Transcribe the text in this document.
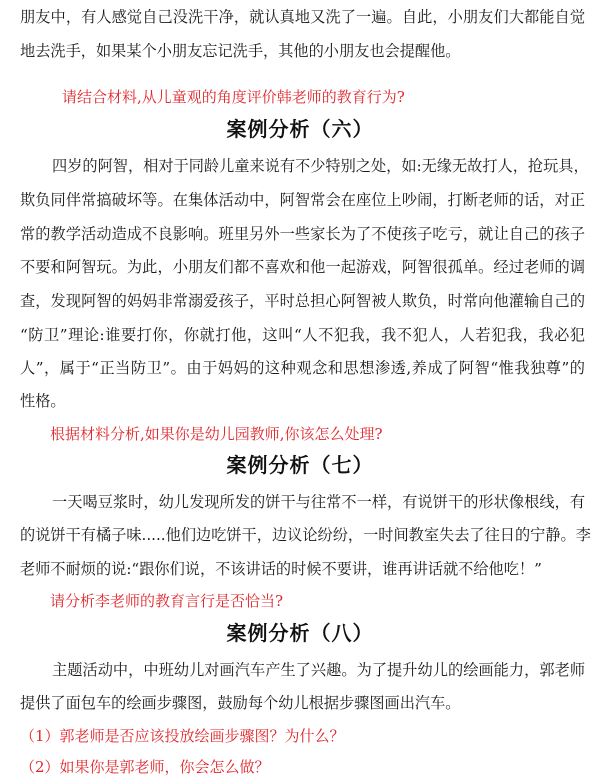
朋友中，有人感觉自己没洗干净，就认真地又洗了一遍。自此，小朋友们大都能自觉
地去洗手，如果某个小朋友忘记洗手，其他的小朋友也会提醒他。
请结合材料,从儿童观的角度评价韩老师的教育行为?
案例分析（六）
四岁的阿智，相对于同龄儿童来说有不少特别之处，如:无缘无故打人，抢玩具，
欺负同伴常搞破坏等。在集体活动中，阿智常会在座位上吵闹，打断老师的话，对正
常的教学活动造成不良影响。班里另外一些家长为了不使孩子吃亏，就让自己的孩子
不要和阿智玩。为此，小朋友们都不喜欢和他一起游戏，阿智很孤单。经过老师的调
查，发现阿智的妈妈非常溺爱孩子，平时总担心阿智被人欺负，时常向他灌输自己的
“防卫”理论:谁要打你，你就打他，这叫“人不犯我，我不犯人，人若犯我，我必犯
人”，属于“正当防卫”。由于妈妈的这种观念和思想渗透,养成了阿智“惟我独尊”的
性格。
根据材料分析,如果你是幼儿园教师,你该怎么处理?
案例分析（七）
一天喝豆浆时，幼儿发现所发的饼干与往常不一样，有说饼干的形状像根线，有
的说饼干有橘子味.....他们边吃饼干，边议论纷纷，一时间教室失去了往日的宁静。李
老师不耐烦的说:“跟你们说，不该讲话的时候不要讲，谁再讲话就不给他吃！”
请分析李老师的教育言行是否恰当?
案例分析（八）
主题活动中，中班幼儿对画汽车产生了兴趣。为了提升幼儿的绘画能力，郭老师
提供了面包车的绘画步骤图，鼓励每个幼儿根据步骤图画出汽车。
（1）郭老师是否应该投放绘画步骤图？为什么？
（2）如果你是郭老师，你会怎么做？
